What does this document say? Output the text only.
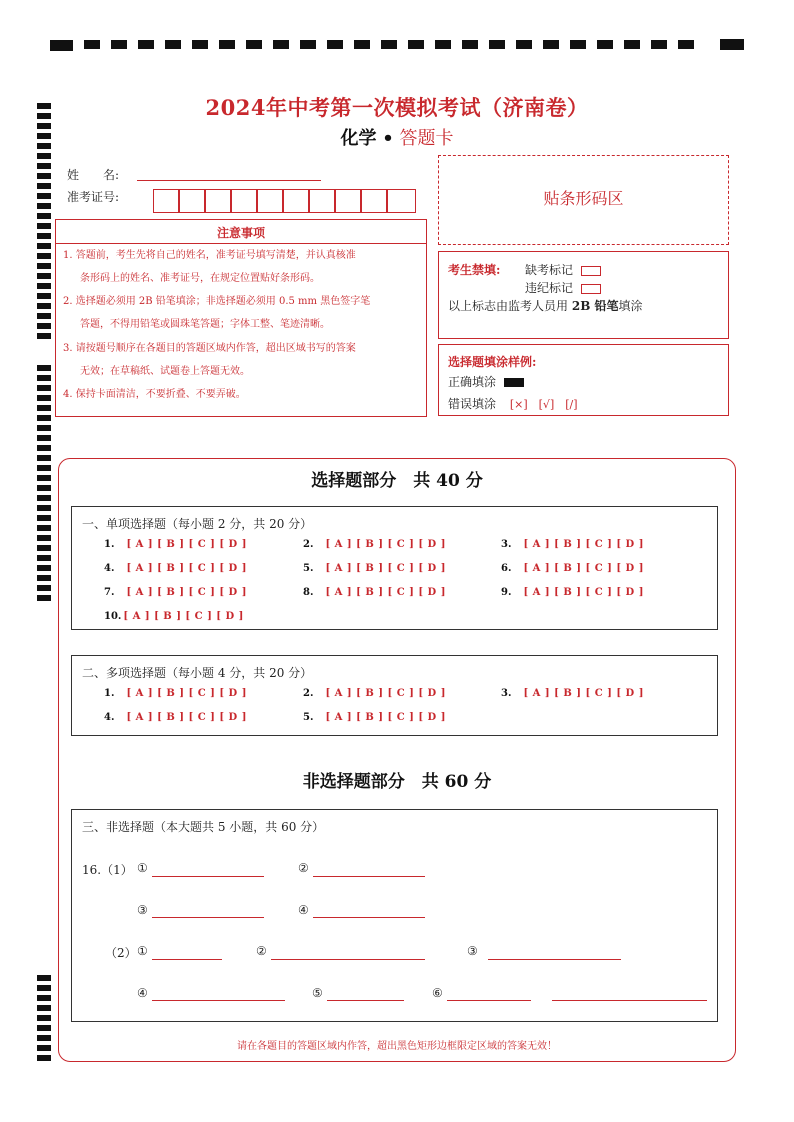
2024年中考第一次模拟考试（济南卷）
化学 • 答题卡
姓　　名:
准考证号:	贴条形码区
注意事项
1. 答题前，考生先将自己的姓名，准考证号填写清楚，并认真核准
条形码上的姓名、准考证号，在规定位置贴好条形码。
2. 选择题必须用 2B 铅笔填涂；非选择题必须用 0.5 mm 黑色签字笔
答题，不得用铅笔或圆珠笔答题；字体工整、笔迹清晰。
3. 请按题号顺序在各题目的答题区域内作答，超出区域书写的答案
无效；在草稿纸、试题卷上答题无效。
4. 保持卡面清洁，不要折叠、不要弄破。
考生禁填: 缺考标记
违纪标记
以上标志由监考人员用 2B 铅笔填涂
选择题填涂样例:
正确填涂
错误填涂 [×]　[√]　[/]
选择题部分　共 40 分
一、单项选择题（每小题 2 分，共 20 分）
1. [ A ] [ B ] [ C ] [ D ]	2. [ A ] [ B ] [ C ] [ D ]	3. [ A ] [ B ] [ C ] [ D ]
4. [ A ] [ B ] [ C ] [ D ]	5. [ A ] [ B ] [ C ] [ D ]	6. [ A ] [ B ] [ C ] [ D ]
7. [ A ] [ B ] [ C ] [ D ]	8. [ A ] [ B ] [ C ] [ D ]	9. [ A ] [ B ] [ C ] [ D ]
10. [ A ] [ B ] [ C ] [ D ]
二、多项选择题（每小题 4 分，共 20 分）
1. [ A ] [ B ] [ C ] [ D ]	2. [ A ] [ B ] [ C ] [ D ]	3. [ A ] [ B ] [ C ] [ D ]
4. [ A ] [ B ] [ C ] [ D ]	5. [ A ] [ B ] [ C ] [ D ]
非选择题部分　共 60 分
三、非选择题（本大题共 5 小题，共 60 分）
16.（1） ①	②
③	④
（2） ①	②	③
④	⑤	⑥
请在各题目的答题区域内作答，超出黑色矩形边框限定区域的答案无效！
